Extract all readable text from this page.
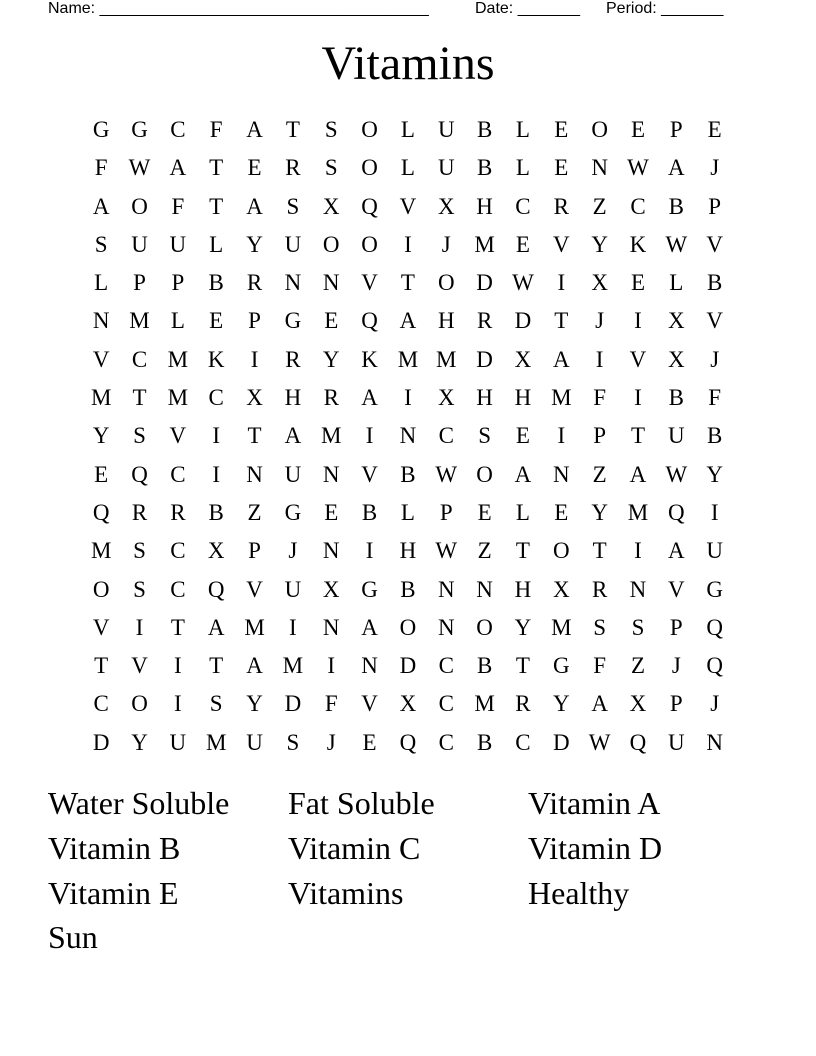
Name: _____________________________________	Date: _______ Period: _______
Vitamins
G G C	F	A	T	S	O	L	U B	L	E	O	E	P	E
F W A	T	E	R	S	O	L	U B	L	E	N W A	J
A O	F	T	A	S	X Q V X H C	R	Z	C	B	P
S	U U	L	Y U O O	I	J	M E	V Y K W V
L	P	P	B	R N N V	T	O D W	I	X	E	L	B
N M L	E	P	G	E	Q A H R D	T	J	I	X V
V C M K	I	R Y K M M D X A	I	V X	J
M T M C X H R A	I	X H H M F	I	B	F
Y	S	V	I	T	A M	I	N C	S	E	I	P	T	U B
E	Q C	I	N U N V B W O A N	Z	A W Y
Q R	R	B	Z	G	E	B	L	P	E	L	E	Y M Q	I
M S	C X	P	J	N	I	H W Z	T	O	T	I	A U
O	S	C Q V U X G B N N H X R N V G
V	I	T	A M	I	N A O N O Y M S	S	P	Q
T	V	I	T	A M	I	N D C	B	T	G	F	Z	J	Q
C O	I	S	Y D	F	V X C M R Y A X	P	J
D Y U M U	S	J	E	Q C	B	C D W Q U N
Water Soluble	Fat Soluble	Vitamin A
Vitamin B	Vitamin C	Vitamin D
Vitamin E	Vitamins	Healthy
Sun
